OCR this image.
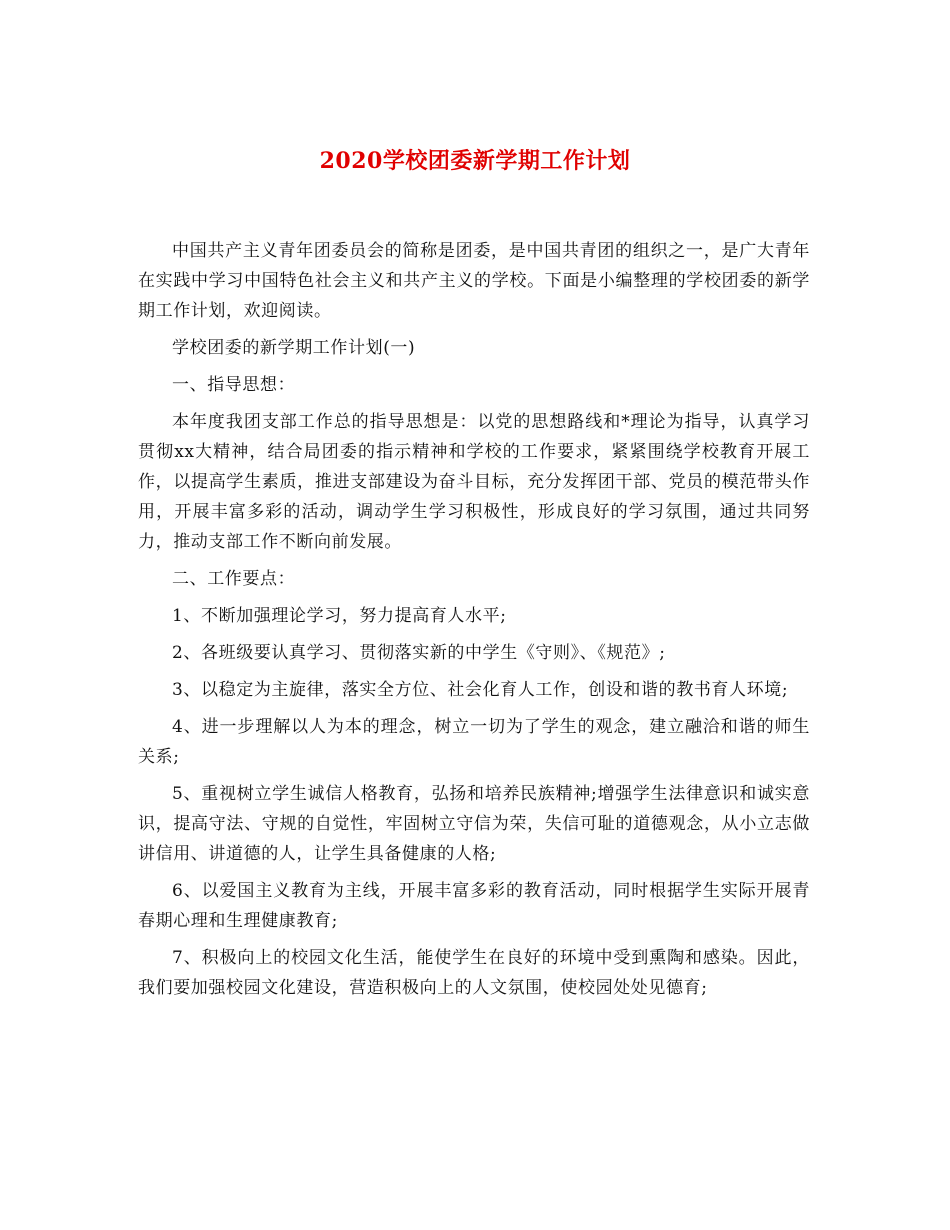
2020学校团委新学期工作计划

中国共产主义青年团委员会的简称是团委，是中国共青团的组织之一，是广大青年在实践中学习中国特色社会主义和共产主义的学校。下面是小编整理的学校团委的新学期工作计划，欢迎阅读。

学校团委的新学期工作计划(一)

一、指导思想：

本年度我团支部工作总的指导思想是：以党的思想路线和*理论为指导，认真学习贯彻xx大精神，结合局团委的指示精神和学校的工作要求，紧紧围绕学校教育开展工作，以提高学生素质，推进支部建设为奋斗目标，充分发挥团干部、党员的模范带头作用，开展丰富多彩的活动，调动学生学习积极性，形成良好的学习氛围，通过共同努力，推动支部工作不断向前发展。

二、工作要点：

1、不断加强理论学习，努力提高育人水平;

2、各班级要认真学习、贯彻落实新的中学生《守则》、《规范》;

3、以稳定为主旋律，落实全方位、社会化育人工作，创设和谐的教书育人环境;

4、进一步理解以人为本的理念，树立一切为了学生的观念，建立融洽和谐的师生关系;

5、重视树立学生诚信人格教育，弘扬和培养民族精神;增强学生法律意识和诚实意识，提高守法、守规的自觉性，牢固树立守信为荣，失信可耻的道德观念，从小立志做讲信用、讲道德的人，让学生具备健康的人格;

6、以爱国主义教育为主线，开展丰富多彩的教育活动，同时根据学生实际开展青春期心理和生理健康教育;

7、积极向上的校园文化生活，能使学生在良好的环境中受到熏陶和感染。因此，我们要加强校园文化建设，营造积极向上的人文氛围，使校园处处见德育;
